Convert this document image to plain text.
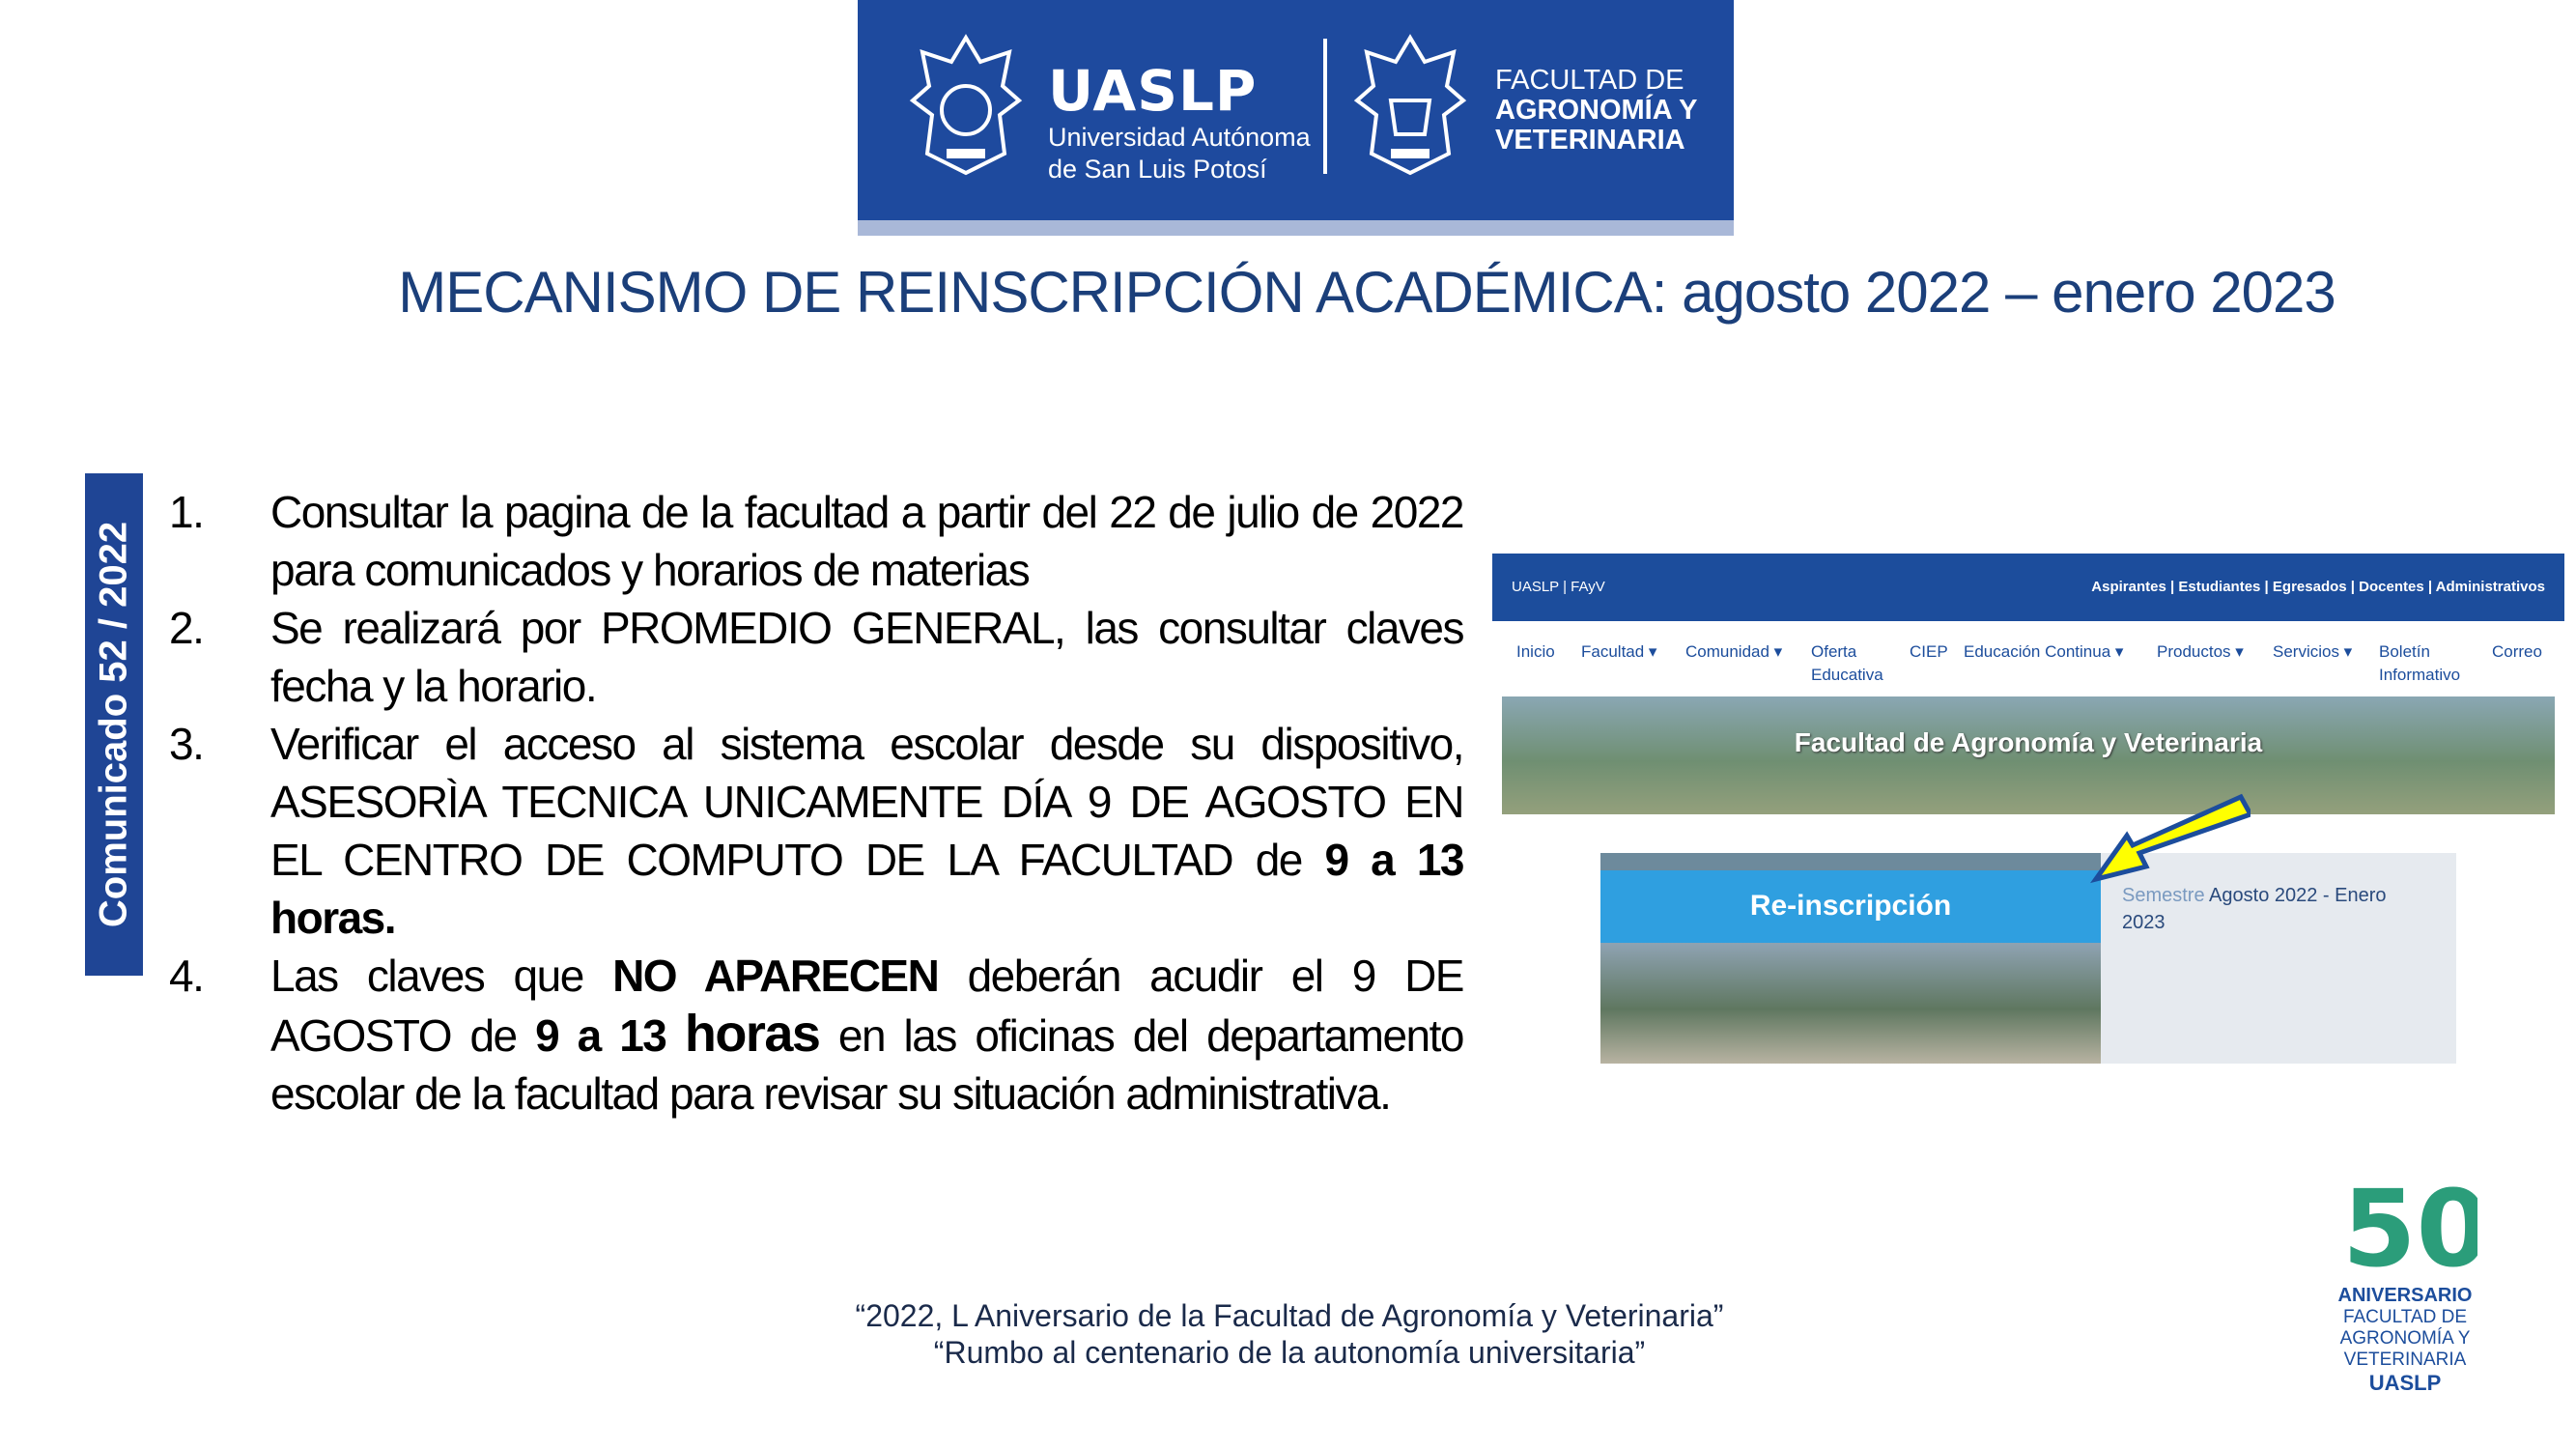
UASLP
Universidad Autónoma
de San Luis Potosí
FACULTAD DE
AGRONOMÍA Y
VETERINARIA
MECANISMO DE REINSCRIPCIÓN ACADÉMICA: agosto 2022 – enero 2023
Comunicado 52 / 2022
1. Consultar la pagina de la facultad a partir del 22 de julio de 2022 para comunicados y horarios de materias
2. Se realizará por PROMEDIO GENERAL, las consultar claves fecha y la horario.
3. Verificar el acceso al sistema escolar desde su dispositivo, ASESORÌA TECNICA UNICAMENTE DÍA 9 DE AGOSTO EN EL CENTRO DE COMPUTO DE LA FACULTAD de 9 a 13 horas.
4. Las claves que NO APARECEN deberán acudir el 9 DE AGOSTO de 9 a 13 horas en las oficinas del departamento escolar de la facultad para revisar su situación administrativa.
UASLP | FAyV	Aspirantes | Estudiantes | Egresados | Docentes | Administrativos
Inicio Facultad ▾ Comunidad ▾ Oferta
Educativa
CIEP Educación Continua ▾ Productos ▾ Servicios ▾ Boletín
Informativo
Correo
Facultad de Agronomía y Veterinaria
Re-inscripción	Semestre Agosto 2022 - Enero
2023
“2022, L Aniversario de la Facultad de Agronomía y Veterinaria”
“Rumbo al centenario de la autonomía universitaria”
50
ANIVERSARIO
FACULTAD DE
AGRONOMÍA Y VETERINARIA
UASLP
